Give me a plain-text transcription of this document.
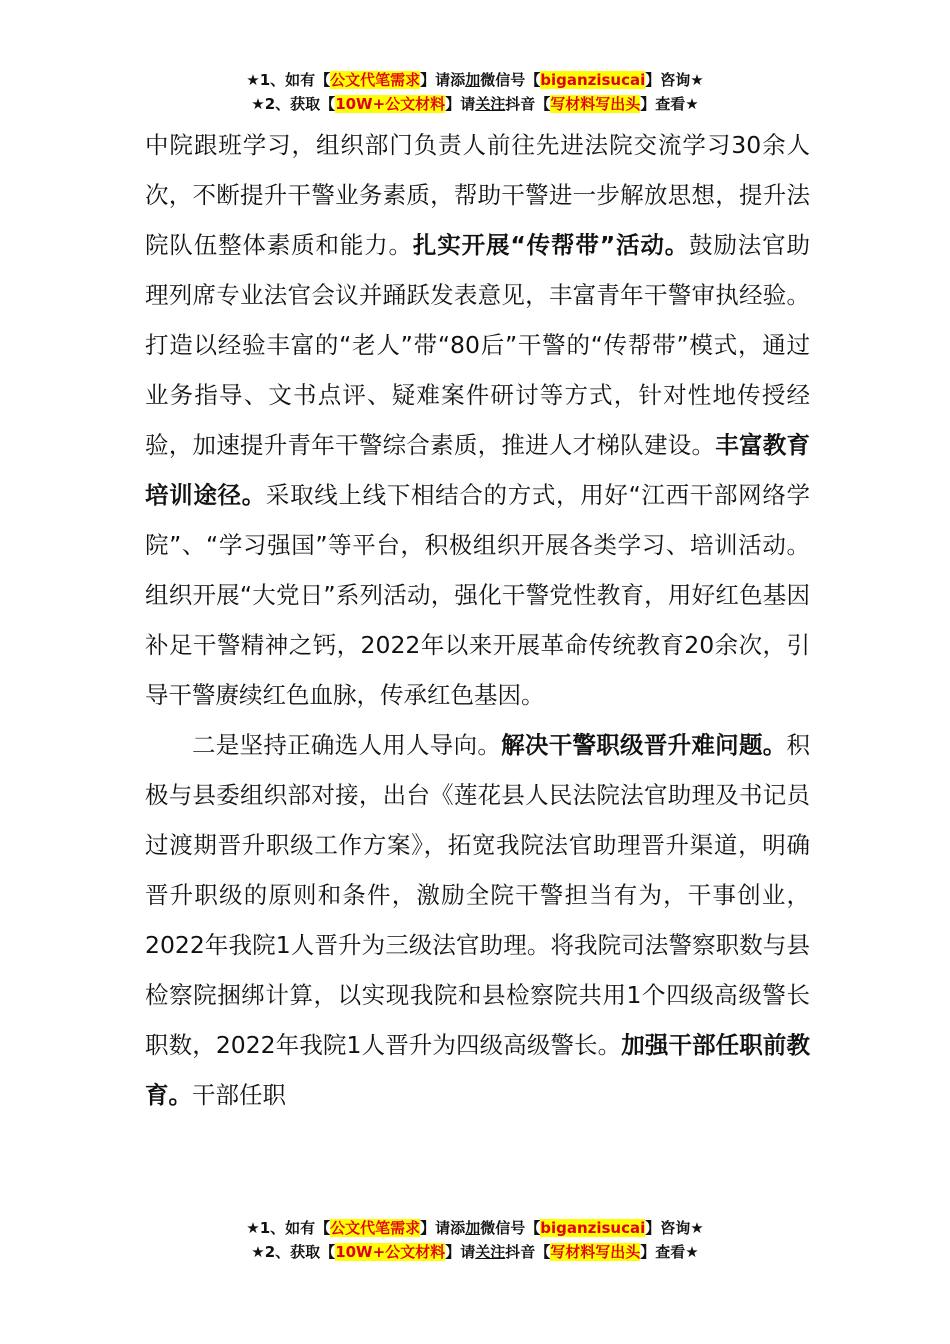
★1、如有【公文代笔需求】请添加微信号【biganzisucai】咨询★
★2、获取【10W+公文材料】请关注抖音【写材料写出头】查看★

中院跟班学习，组织部门负责人前往先进法院交流学习30余人次，不断提升干警业务素质，帮助干警进一步解放思想，提升法院队伍整体素质和能力。扎实开展“传帮带”活动。鼓励法官助理列席专业法官会议并踊跃发表意见，丰富青年干警审执经验。打造以经验丰富的“老人”带“80后”干警的“传帮带”模式，通过业务指导、文书点评、疑难案件研讨等方式，针对性地传授经验，加速提升青年干警综合素质，推进人才梯队建设。丰富教育培训途径。采取线上线下相结合的方式，用好“江西干部网络学院”、“学习强国”等平台，积极组织开展各类学习、培训活动。组织开展“大党日”系列活动，强化干警党性教育，用好红色基因补足干警精神之钙，2022年以来开展革命传统教育20余次，引导干警赓续红色血脉，传承红色基因。

二是坚持正确选人用人导向。解决干警职级晋升难问题。积极与县委组织部对接，出台《莲花县人民法院法官助理及书记员过渡期晋升职级工作方案》，拓宽我院法官助理晋升渠道，明确晋升职级的原则和条件，激励全院干警担当有为，干事创业，2022年我院1人晋升为三级法官助理。将我院司法警察职数与县检察院捆绑计算，以实现我院和县检察院共用1个四级高级警长职数，2022年我院1人晋升为四级高级警长。加强干部任职前教育。干部任职

★1、如有【公文代笔需求】请添加微信号【biganzisucai】咨询★
★2、获取【10W+公文材料】请关注抖音【写材料写出头】查看★
